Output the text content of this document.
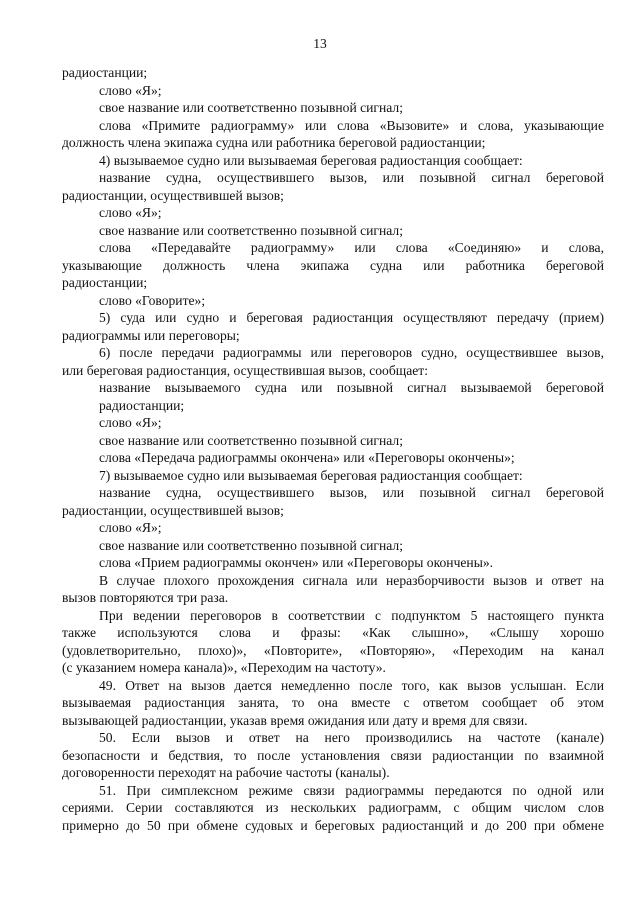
13
радиостанции;
слово «Я»;
свое название или соответственно позывной сигнал;
слова «Примите радиограмму» или слова «Вызовите» и слова, указывающие
должность члена экипажа судна или работника береговой радиостанции;
4) вызываемое судно или вызываемая береговая радиостанция сообщает:
название судна, осуществившего вызов, или позывной сигнал береговой
радиостанции, осуществившей вызов;
слово «Я»;
свое название или соответственно позывной сигнал;
слова «Передавайте радиограмму» или слова «Соединяю» и слова,
указывающие должность члена экипажа судна или работника береговой
радиостанции;
слово «Говорите»;
5) суда или судно и береговая радиостанция осуществляют передачу (прием)
радиограммы или переговоры;
6) после передачи радиограммы или переговоров судно, осуществившее вызов,
или береговая радиостанция, осуществившая вызов, сообщает:
название вызываемого судна или позывной сигнал вызываемой береговой
радиостанции;
слово «Я»;
свое название или соответственно позывной сигнал;
слова «Передача радиограммы окончена» или «Переговоры окончены»;
7) вызываемое судно или вызываемая береговая радиостанция сообщает:
название судна, осуществившего вызов, или позывной сигнал береговой
радиостанции, осуществившей вызов;
слово «Я»;
свое название или соответственно позывной сигнал;
слова «Прием радиограммы окончен» или «Переговоры окончены».
В случае плохого прохождения сигнала или неразборчивости вызов и ответ на
вызов повторяются три раза.
При ведении переговоров в соответствии с подпунктом 5 настоящего пункта
также используются слова и фразы: «Как слышно», «Слышу хорошо
(удовлетворительно, плохо)», «Повторите», «Повторяю», «Переходим на канал
(с указанием номера канала)», «Переходим на частоту».
49. Ответ на вызов дается немедленно после того, как вызов услышан. Если
вызываемая радиостанция занята, то она вместе с ответом сообщает об этом
вызывающей радиостанции, указав время ожидания или дату и время для связи.
50. Если вызов и ответ на него производились на частоте (канале)
безопасности и бедствия, то после установления связи радиостанции по взаимной
договоренности переходят на рабочие частоты (каналы).
51. При симплексном режиме связи радиограммы передаются по одной или
сериями. Серии составляются из нескольких радиограмм, с общим числом слов
примерно до 50 при обмене судовых и береговых радиостанций и до 200 при обмене
